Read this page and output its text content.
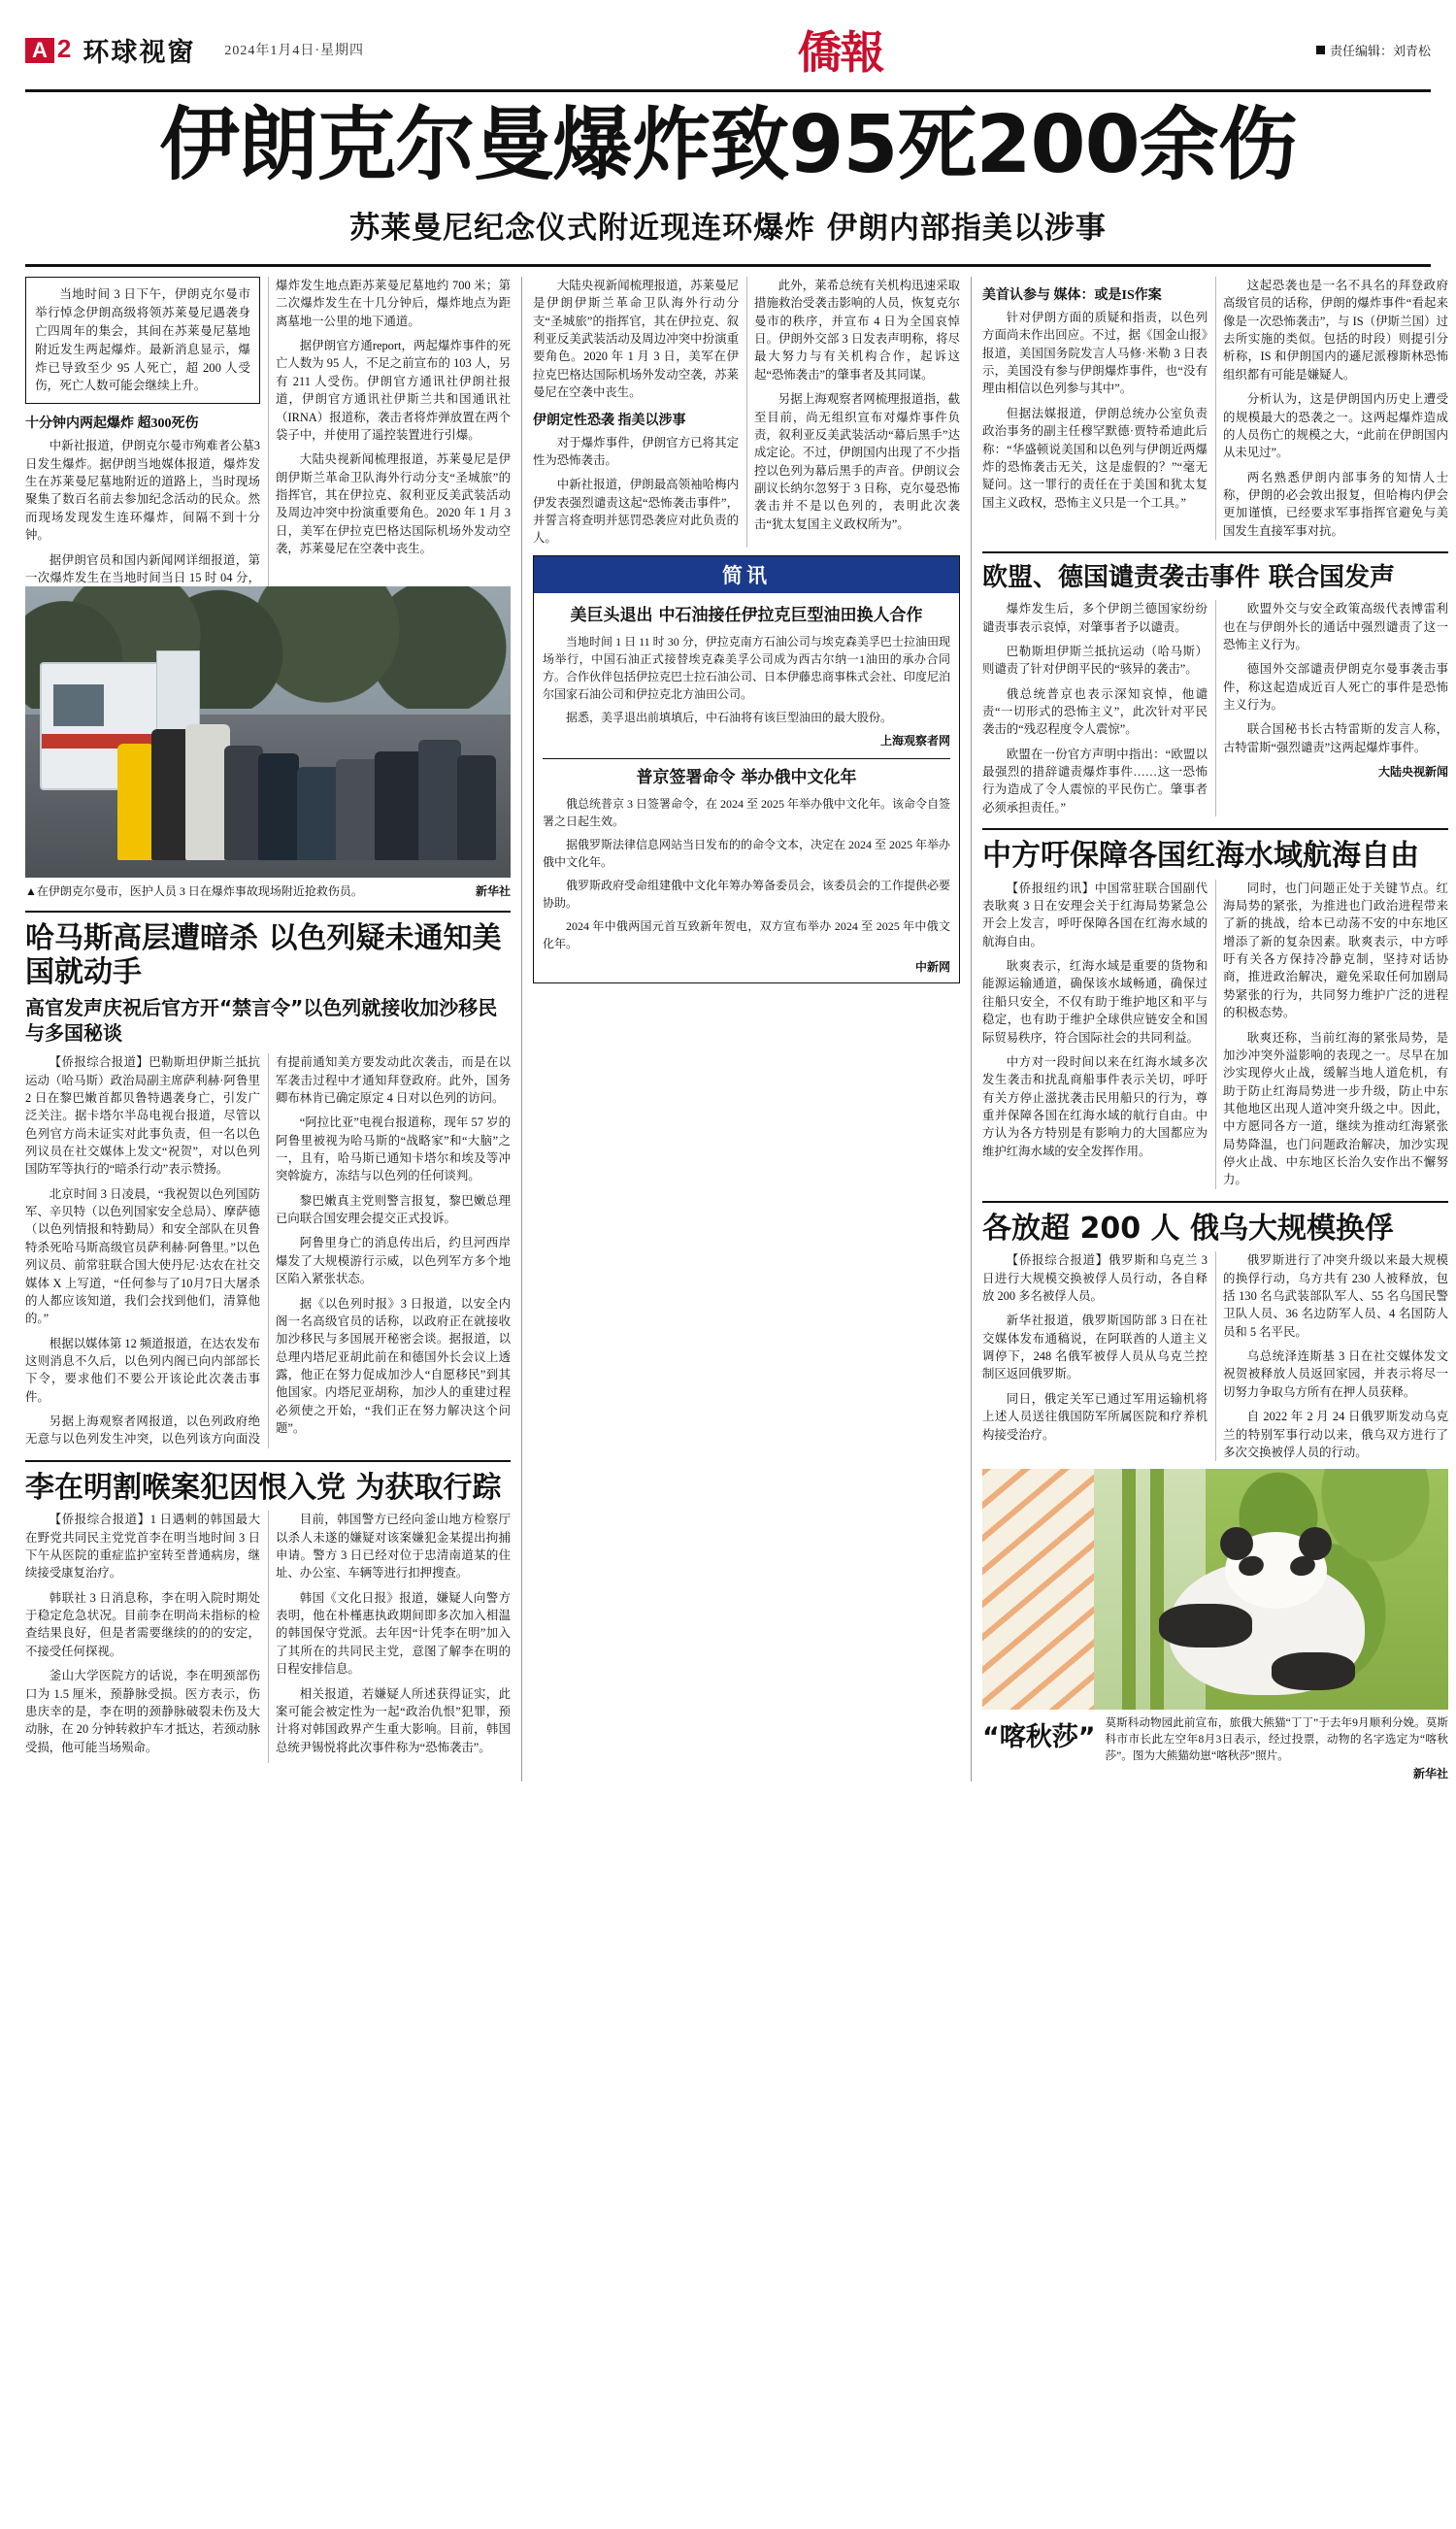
A 2 环球视窗 2024年1月4日·星期四	僑報	责任编辑：刘青松
伊朗克尔曼爆炸致95死200余伤
苏莱曼尼纪念仪式附近现连环爆炸 伊朗内部指美以涉事

当地时间 3 日下午，伊朗克尔曼市举行悼念伊朗高级将领苏莱曼尼遇袭身亡四周年的集会，其间在苏莱曼尼墓地附近发生两起爆炸。最新消息显示，爆炸已导致至少 95 人死亡，超 200 人受伤，死亡人数可能会继续上升。

十分钟内两起爆炸 超300死伤

中新社报道，伊朗克尔曼市殉难者公墓3日发生爆炸。据伊朗当地媒体报道，爆炸发生在苏莱曼尼墓地附近的道路上，当时现场聚集了数百名前去参加纪念活动的民众。然而现场发现发生连环爆炸，间隔不到十分钟。

据伊朗官员和国内新闻网详细报道，第一次爆炸发生在当地时间当日 15 时 04 分，爆炸发生地点距苏莱曼尼墓地约 700 米；第二次爆炸发生在十几分钟后，爆炸地点为距离墓地一公里的地下通道。

据伊朗官方通report，两起爆炸事件的死亡人数为 95 人，不足之前宣布的 103 人，另有 211 人受伤。伊朗官方通讯社伊朗社报道，伊朗官方通讯社伊斯兰共和国通讯社（IRNA）报道称，袭击者将炸弹放置在两个袋子中，并使用了遥控装置进行引爆。

大陆央视新闻梳理报道，苏莱曼尼是伊朗伊斯兰革命卫队海外行动分支“圣城旅”的指挥官，其在伊拉克、叙利亚反美武装活动及周边冲突中扮演重要角色。2020 年 1 月 3 日，美军在伊拉克巴格达国际机场外发动空袭，苏莱曼尼在空袭中丧生。

▲在伊朗克尔曼市，医护人员 3 日在爆炸事故现场附近抢救伤员。	新华社
哈马斯高层遭暗杀 以色列疑未通知美国就动手
高官发声庆祝后官方开“禁言令”以色列就接收加沙移民与多国秘谈

【侨报综合报道】巴勒斯坦伊斯兰抵抗运动（哈马斯）政治局副主席萨利赫·阿鲁里 2 日在黎巴嫩首都贝鲁特遇袭身亡，引发广泛关注。据卡塔尔半岛电视台报道，尽管以色列官方尚未证实对此事负责，但一名以色列议员在社交媒体上发文“祝贺”，对以色列国防军等执行的“暗杀行动”表示赞扬。

北京时间 3 日凌晨，“我祝贺以色列国防军、辛贝特（以色列国家安全总局）、摩萨德（以色列情报和特勤局）和安全部队在贝鲁特杀死哈马斯高级官员萨利赫·阿鲁里。”以色列议员、前常驻联合国大使丹尼·达农在社交媒体 X 上写道，“任何参与了10月7日大屠杀的人都应该知道，我们会找到他们，清算他的。”

根据以媒体第 12 频道报道，在达农发布这则消息不久后，以色列内阁已向内部部长下令，要求他们不要公开该论此次袭击事件。

另据上海观察者网报道，以色列政府绝无意与以色列发生冲突，以色列该方向面没有提前通知美方要发动此次袭击，而是在以军袭击过程中才通知拜登政府。此外，国务卿布林肯已确定原定 4 日对以色列的访问。

“阿拉比亚”电视台报道称，现年 57 岁的阿鲁里被视为哈马斯的“战略家”和“大脑”之一，且有，哈马斯已通知卡塔尔和埃及等冲突斡旋方，冻结与以色列的任何谈判。

黎巴嫩真主党则警言报复，黎巴嫩总理已向联合国安理会提交正式投诉。

阿鲁里身亡的消息传出后，约旦河西岸爆发了大规模游行示威，以色列军方多个地区陷入紧张状态。

据《以色列时报》3 日报道，以安全内阁一名高级官员的话称，以政府正在就接收加沙移民与多国展开秘密会谈。据报道，以总理内塔尼亚胡此前在和德国外长会议上透露，他正在努力促成加沙人“自愿移民”到其他国家。内塔尼亚胡称，加沙人的重建过程必须使之开始，“我们正在努力解决这个问题”。

李在明割喉案犯因恨入党 为获取行踪

【侨报综合报道】1 日遇刺的韩国最大在野党共同民主党党首李在明当地时间 3 日下午从医院的重症监护室转至普通病房，继续接受康复治疗。

韩联社 3 日消息称，李在明入院时期处于稳定危急状况。目前李在明尚未指标的检查结果良好，但是者需要继续的的的安定，不接受任何探视。

釜山大学医院方的话说，李在明颈部伤口为 1.5 厘米，预静脉受损。医方表示，伤患庆幸的是，李在明的颈静脉破裂未伤及大动脉，在 20 分钟转救护车才抵达，若颈动脉受损，他可能当场殒命。

目前，韩国警方已经向釜山地方检察厅以杀人未遂的嫌疑对该案嫌犯金某提出拘捕申请。警方 3 日已经对位于忠清南道某的住址、办公室、车辆等进行扣押搜查。

韩国《文化日报》报道，嫌疑人向警方表明，他在朴槿惠执政期间即多次加入相温的韩国保守党派。去年因“计凭李在明”加入了其所在的共同民主党，意图了解李在明的日程安排信息。

相关报道，若嫌疑人所述获得证实，此案可能会被定性为一起“政治仇恨”犯罪，预计将对韩国政界产生重大影响。目前，韩国总统尹锡悦将此次事件称为“恐怖袭击”。

大陆央视新闻梳理报道，苏莱曼尼是伊朗伊斯兰革命卫队海外行动分支“圣城旅”的指挥官，其在伊拉克、叙利亚反美武装活动及周边冲突中扮演重要角色。2020 年 1 月 3 日，美军在伊拉克巴格达国际机场外发动空袭，苏莱曼尼在空袭中丧生。

伊朗定性恐袭 指美以涉事

对于爆炸事件，伊朗官方已将其定性为恐怖袭击。

中新社报道，伊朗最高领袖哈梅内伊发表强烈谴责这起“恐怖袭击事件”，并誓言将查明并惩罚恐袭应对此负责的人。

此外，莱希总统有关机构迅速采取措施救治受袭击影响的人员，恢复克尔曼市的秩序，并宣布 4 日为全国哀悼日。伊朗外交部 3 日发表声明称，将尽最大努力与有关机构合作，起诉这起“恐怖袭击”的肇事者及其同谋。

另据上海观察者网梳理报道指，截至目前，尚无组织宣布对爆炸事件负责，叙利亚反美武装活动“幕后黑手”达成定论。不过，伊朗国内出现了不少指控以色列为幕后黑手的声音。伊朗议会副议长纳尔忽努于 3 日称，克尔曼恐怖袭击并不是以色列的，表明此次袭击“犹太复国主义政权所为”。

简讯
美巨头退出 中石油接任伊拉克巨型油田换人合作

当地时间 1 日 11 时 30 分，伊拉克南方石油公司与埃克森美孚巴士拉油田现场举行，中国石油正式接替埃克森美孚公司成为西古尔纳一1油田的承办合同方。合作伙伴包括伊拉克巴士拉石油公司、日本伊藤忠商事株式会社、印度尼泊尔国家石油公司和伊拉克北方油田公司。

据悉，美孚退出前填填后，中石油将有该巨型油田的最大股份。

上海观察者网
普京签署命令 举办俄中文化年

俄总统普京 3 日签署命令，在 2024 至 2025 年举办俄中文化年。该命令自签署之日起生效。

据俄罗斯法律信息网站当日发布的的命令文本，决定在 2024 至 2025 年举办俄中文化年。

俄罗斯政府受命组建俄中文化年筹办筹备委员会，该委员会的工作提供必要协助。

2024 年中俄两国元首互致新年贺电，双方宣布举办 2024 至 2025 年中俄文化年。

中新网

美首认参与 媒体：或是IS作案

针对伊朗方面的质疑和指责，以色列方面尚未作出回应。不过，据《国金山报》报道，美国国务院发言人马修·米勒 3 日表示，美国没有参与伊朗爆炸事件，也“没有理由相信以色列参与其中”。

但据法媒报道，伊朗总统办公室负责政治事务的副主任穆罕默德·贾特希迪此后称：“华盛顿说美国和以色列与伊朗近两爆炸的恐怖袭击无关，这是虚假的？”“毫无疑问。这一罪行的责任在于美国和犹太复国主义政权，恐怖主义只是一个工具。”

这起恐袭也是一名不具名的拜登政府高级官员的话称，伊朗的爆炸事件“看起来像是一次恐怖袭击”，与 IS（伊斯兰国）过去所实施的类似。包括的时段）则提引分析称，IS 和伊朗国内的遜尼派穆斯林恐怖组织都有可能是嫌疑人。

分析认为，这是伊朗国内历史上遭受的规模最大的恐袭之一。这两起爆炸造成的人员伤亡的规模之大，“此前在伊朗国内从未见过”。

两名熟悉伊朗内部事务的知情人士称，伊朗的必会敦出报复，但哈梅内伊会更加谨慎，已经要求军事指挥官避免与美国发生直接军事对抗。

欧盟、德国谴责袭击事件 联合国发声

爆炸发生后，多个伊朗兰德国家纷纷谴责事表示哀悼，对肇事者予以谴责。

巴勒斯坦伊斯兰抵抗运动（哈马斯）则谴责了针对伊朗平民的“骇异的袭击”。

俄总统普京也表示深知哀悼，他谴责“一切形式的恐怖主义”，此次针对平民袭击的“残忍程度令人震惊”。

欧盟在一份官方声明中指出：“欧盟以最强烈的措辞谴责爆炸事件……这一恐怖行为造成了令人震惊的平民伤亡。肇事者必须承担责任。”

欧盟外交与安全政策高级代表博雷利也在与伊朗外长的通话中强烈谴责了这一恐怖主义行为。

德国外交部谴责伊朗克尔曼事袭击事件，称这起造成近百人死亡的事件是恐怖主义行为。

联合国秘书长古特雷斯的发言人称，古特雷斯“强烈谴责”这两起爆炸事件。

大陆央视新闻
中方吁保障各国红海水域航海自由

【侨报纽约讯】中国常驻联合国副代表耿爽 3 日在安理会关于红海局势紧急公开会上发言，呼吁保障各国在红海水域的航海自由。

耿爽表示，红海水域是重要的货物和能源运输通道，确保该水域畅通，确保过往船只安全，不仅有助于维护地区和平与稳定，也有助于维护全球供应链安全和国际贸易秩序，符合国际社会的共同利益。

中方对一段时间以来在红海水域多次发生袭击和扰乱商船事件表示关切，呼吁有关方停止滋扰袭击民用船只的行为，尊重并保障各国在红海水域的航行自由。中方认为各方特别是有影响力的大国都应为维护红海水域的安全发挥作用。

同时，也门问题正处于关键节点。红海局势的紧张，为推进也门政治进程带来了新的挑战，给本已动荡不安的中东地区增添了新的复杂因素。耿爽表示，中方呼吁有关各方保持冷静克制，坚持对话协商，推进政治解决，避免采取任何加剧局势紧张的行为，共同努力维护广泛的进程的积极态势。

耿爽还称，当前红海的紧张局势，是加沙冲突外溢影响的表现之一。尽早在加沙实现停火止战，缓解当地人道危机，有助于防止红海局势进一步升级，防止中东其他地区出现人道冲突升级之中。因此，中方愿同各方一道，继续为推动红海紧张局势降温，也门问题政治解决，加沙实现停火止战、中东地区长治久安作出不懈努力。

各放超 200 人 俄乌大规模换俘

【侨报综合报道】俄罗斯和乌克兰 3 日进行大规模交换被俘人员行动，各自释放 200 多名被俘人员。

新华社报道，俄罗斯国防部 3 日在社交媒体发布通稿说，在阿联酋的人道主义调停下，248 名俄军被俘人员从乌克兰控制区返回俄罗斯。

同日，俄定关军已通过军用运输机将上述人员送往俄国防军所属医院和疗养机构接受治疗。

俄罗斯进行了冲突升级以来最大规模的换俘行动，乌方共有 230 人被释放，包括 130 名乌武装部队军人、55 名乌国民警卫队人员、36 名边防军人员、4 名国防人员和 5 名平民。

乌总统泽连斯基 3 日在社交媒体发文祝贺被释放人员返回家园，并表示将尽一切努力争取乌方所有在押人员获释。

自 2022 年 2 月 24 日俄罗斯发动乌克兰的特别军事行动以来，俄乌双方进行了多次交换被俘人员的行动。

“喀秋莎” 莫斯科动物园此前宣布，旅俄大熊猫“丁丁”于去年9月顺利分娩。莫斯科市市长此左空年8月3日表示，经过投票，动物的名字选定为“喀秋莎”。图为大熊猫幼崽“喀秋莎”照片。
新华社
